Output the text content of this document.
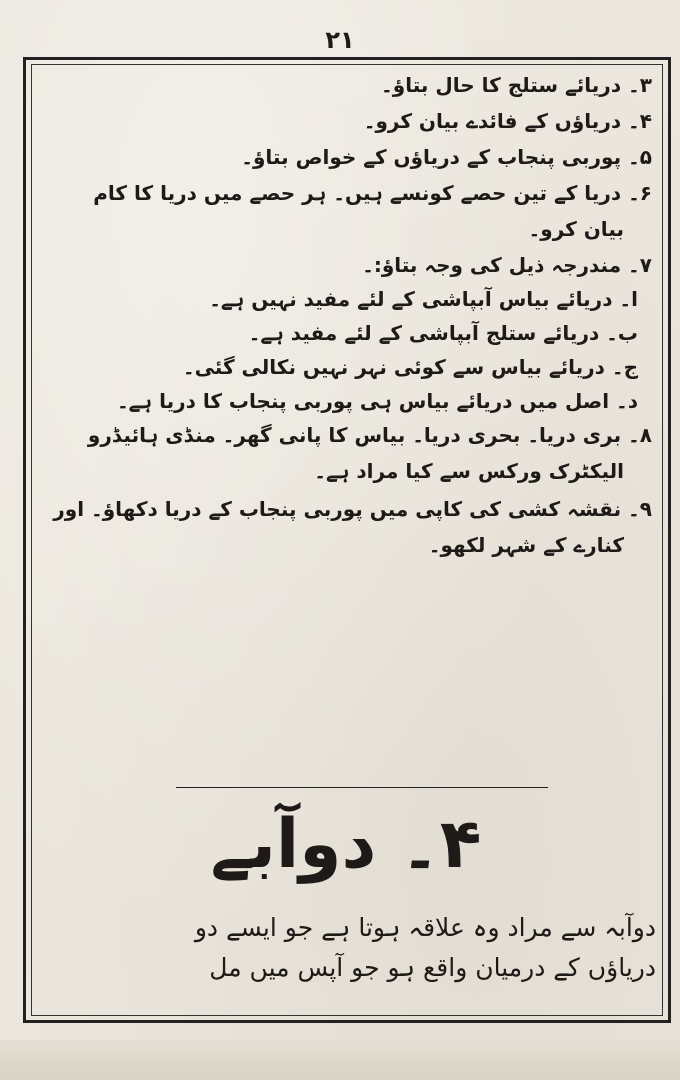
۲۱

۳۔ دریائے ستلج کا حال بتاؤ۔

۴۔ دریاؤں کے فائدے بیان کرو۔

۵۔ پوربی پنجاب کے دریاؤں کے خواص بتاؤ۔

۶۔ دریا کے تین حصے کونسے ہیں۔ ہر حصے میں دریا کا کام

بیان کرو۔

۷۔ مندرجہ ذیل کی وجہ بتاؤ:۔

ا۔ دریائے بیاس آبپاشی کے لئے مفید نہیں ہے۔

ب۔ دریائے ستلج آبپاشی کے لئے مفید ہے۔

ج۔ دریائے بیاس سے کوئی نہر نہیں نکالی گئی۔

د۔ اصل میں دریائے بیاس ہی پوربی پنجاب کا دریا ہے۔

۸۔ بری دریا۔ بحری دریا۔ بیاس کا پانی گھر۔ منڈی ہائیڈرو

الیکٹرک ورکس سے کیا مراد ہے۔

۹۔ نقشہ کشی کی کاپی میں پوربی پنجاب کے دریا دکھاؤ۔ اور

کنارے کے شہر لکھو۔

۴۔ دوآبے
دوآبہ سے مراد وہ علاقہ ہوتا ہے جو ایسے دو
دریاؤں کے درمیان واقع ہو جو آپس میں مل
